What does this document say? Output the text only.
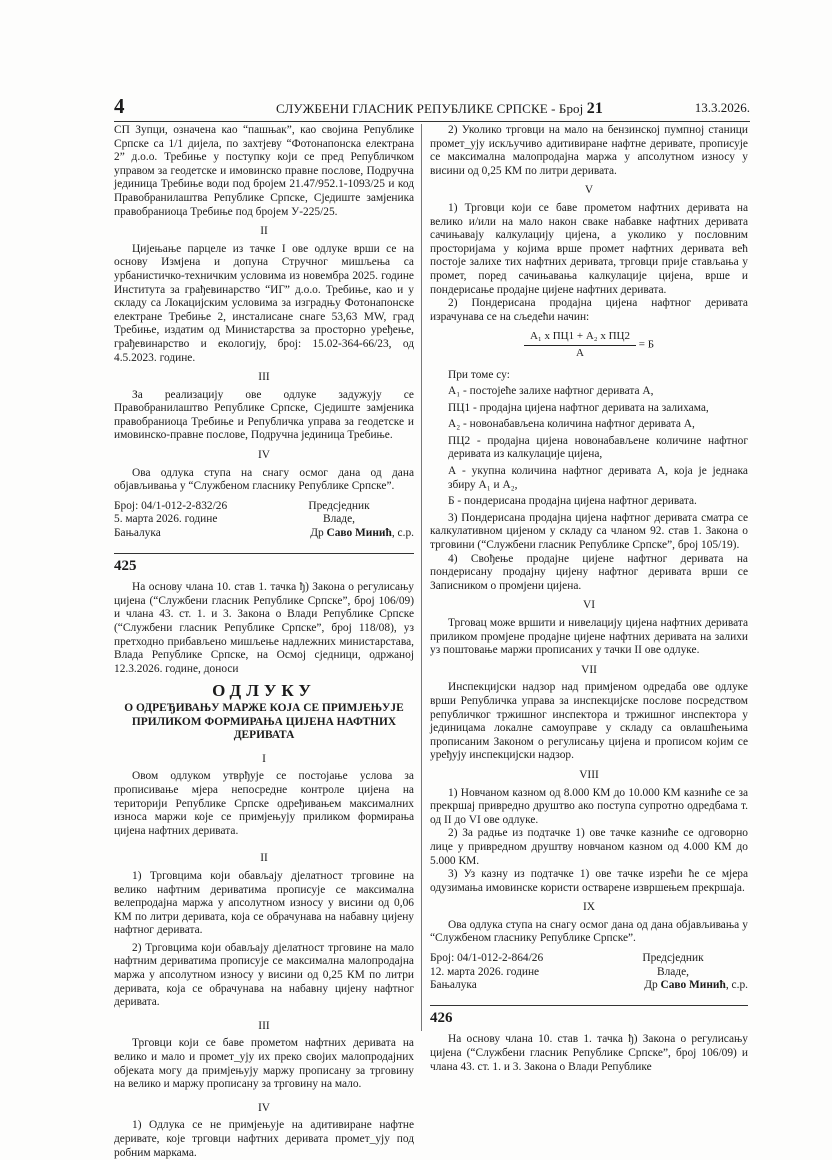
4	СЛУЖБЕНИ ГЛАСНИК РЕПУБЛИКЕ СРПСКЕ - Број 21	13.3.2026.

СП Зупци, означена као “пашњак”, као својина Републике Српске са 1/1 дијела, по захтјеву “Фотонапонска електрана 2” д.о.о. Требиње у поступку који се пред Републичком управом за геодетске и имовинско правне послове, Подручна јединица Требиње води под бројем 21.47/952.1-1093/25 и код Правобранилаштва Републике Српске, Сједиште замјеника правобраниоца Требиње под бројем У-225/25.

II

Цијењање парцеле из тачке I ове одлуке врши се на основу Измјена и допуна Стручног мишљења са урбанистичко-техничким условима из новембра 2025. године Института за грађевинарство “ИГ” д.о.о. Требиње, као и у складу са Локацијским условима за изградњу Фотонапонске електране Требиње 2, инсталисане снаге 53,63 MW, град Требиње, издатим од Министарства за просторно уређење, грађевинарство и екологију, број: 15.02-364-66/23, од 4.5.2023. године.

III

За реализацију ове одлуке задужују се Правобранилаштво Републике Српске, Сједиште замјеника правобраниоца Требиње и Републичка управа за геодетске и имовинско-правне послове, Подручна јединица Требиње.

IV

Ова одлука ступа на снагу осмог дана од дана објављивања у “Службеном гласнику Републике Српске”.

Број: 04/1-012-2-832/26
5. марта 2026. године
Бањалука
Предсједник
Владе,
Др Саво Минић, с.р.
425

На основу члана 10. став 1. тачка ђ) Закона о регулисању цијена (“Службени гласник Републике Српске”, број 106/09) и члана 43. ст. 1. и 3. Закона о Влади Републике Српске (“Службени гласник Републике Српске”, број 118/08), уз претходно прибављено мишљење надлежних министарстава, Влада Републике Српске, на Осмој сједници, одржаној 12.3.2026. године, доноси

ОДЛУКУ
О ОДРЕЂИВАЊУ МАРЖЕ КОЈА СЕ ПРИМЈЕЊУЈЕ ПРИЛИКОМ ФОРМИРАЊА ЦИЈЕНА НАФТНИХ ДЕРИВАТА
I

Овом одлуком утврђује се постојање услова за прописивање мјера непосредне контроле цијена на територији Републике Српске одређивањем максималних износа маржи које се примјењују приликом формирања цијена нафтних деривата.

II

1) Трговцима који обављају дјелатност трговине на велико нафтним дериватима прописује се максимална велепродајна маржа у апсолутном износу у висини од 0,06 КМ по литри деривата, која се обрачунава на набавну цијену нафтног деривата.

2) Трговцима који обављају дјелатност трговине на мало нафтним дериватима прописује се максимална малопродајна маржа у апсолутном износу у висини од 0,25 КМ по литри деривата, која се обрачунава на набавну цијену нафтног деривата.

III

Трговци који се баве прометом нафтних деривата на велико и мало и промет_ују их преко својих малопродајних објеката могу да примјењују маржу прописану за трговину на велико и маржу прописану за трговину на мало.

IV

1) Одлука се не примјењује на адитивиране нафтне деривате, које трговци нафтних деривата промет_ују под робним маркама.

2) Уколико трговци на мало на бензинској пумпној станици промет_ују искључиво адитивиране нафтне деривате, прописује се максимална малопродајна маржа у апсолутном износу у висини од 0,25 КМ по литри деривата.

V

1) Трговци који се баве прометом нафтних деривата на велико и/или на мало након сваке набавке нафтних деривата сачињавају калкулацију цијена, а уколико у пословним просторијама у којима врше промет нафтних деривата већ постоје залихе тих нафтних деривата, трговци прије стављања у промет, поред сачињавања калкулације цијена, врше и пондерисање продајне цијене нафтних деривата.

2) Пондерисана продајна цијена нафтног деривата израчунава се на сљедећи начин:

$\frac{\text{A₁ x ПЦ1 + A₂ x ПЦ2}}{A} = Б$

При томе су:

A₁ - постојеће залихе нафтног деривата А,

ПЦ1 - продајна цијена нафтног деривата на залихама,

A₂ - новонабављена количина нафтног деривата А,

ПЦ2 - продајна цијена новонабављене количине нафтног деривата из калкулације цијена,

А - укупна количина нафтног деривата А, која је једнака збиру A₁ и A₂,

Б - пондерисана продајна цијена нафтног деривата.

3) Пондерисана продајна цијена нафтног деривата сматра се калкулативном цијеном у складу са чланом 92. став 1. Закона о трговини (“Службени гласник Републике Српске”, број 105/19).

4) Свођење продајне цијене нафтног деривата на пондерисану продајну цијену нафтног деривата врши се Записником о промјени цијена.

VI

Трговац може вршити и нивелацију цијена нафтних деривата приликом промјене продајне цијене нафтних деривата на залихи уз поштовање маржи прописаних у тачки II ове одлуке.

VII

Инспекцијски надзор над примјеном одредаба ове одлуке врши Републичка управа за инспекцијске послове посредством републичког тржишног инспектора и тржишног инспектора у јединицама локалне самоуправе у складу са овлашћењима прописаним Законом о регулисању цијена и прописом којим се уређују инспекцијски надзор.

VIII

1) Новчаном казном од 8.000 КМ до 10.000 КМ казниће се за прекршај привредно друштво ако поступа супротно одредбама т. од II до VI ове одлуке.

2) За радње из подтачке 1) ове тачке казниће се одговорно лице у привредном друштву новчаном казном од 4.000 КМ до 5.000 КМ.

3) Уз казну из подтачке 1) ове тачке изрећи ће се мјера одузимања имовинске користи остварене извршењем прекршаја.

IX

Ова одлука ступа на снагу осмог дана од дана објављивања у “Службеном гласнику Републике Српске”.

Број: 04/1-012-2-864/26
12. марта 2026. године
Бањалука
Предсједник
Владе,
Др Саво Минић, с.р.
426

На основу члана 10. став 1. тачка ђ) Закона о регулисању цијена (“Службени гласник Републике Српске”, број 106/09) и члана 43. ст. 1. и 3. Закона о Влади Републике
